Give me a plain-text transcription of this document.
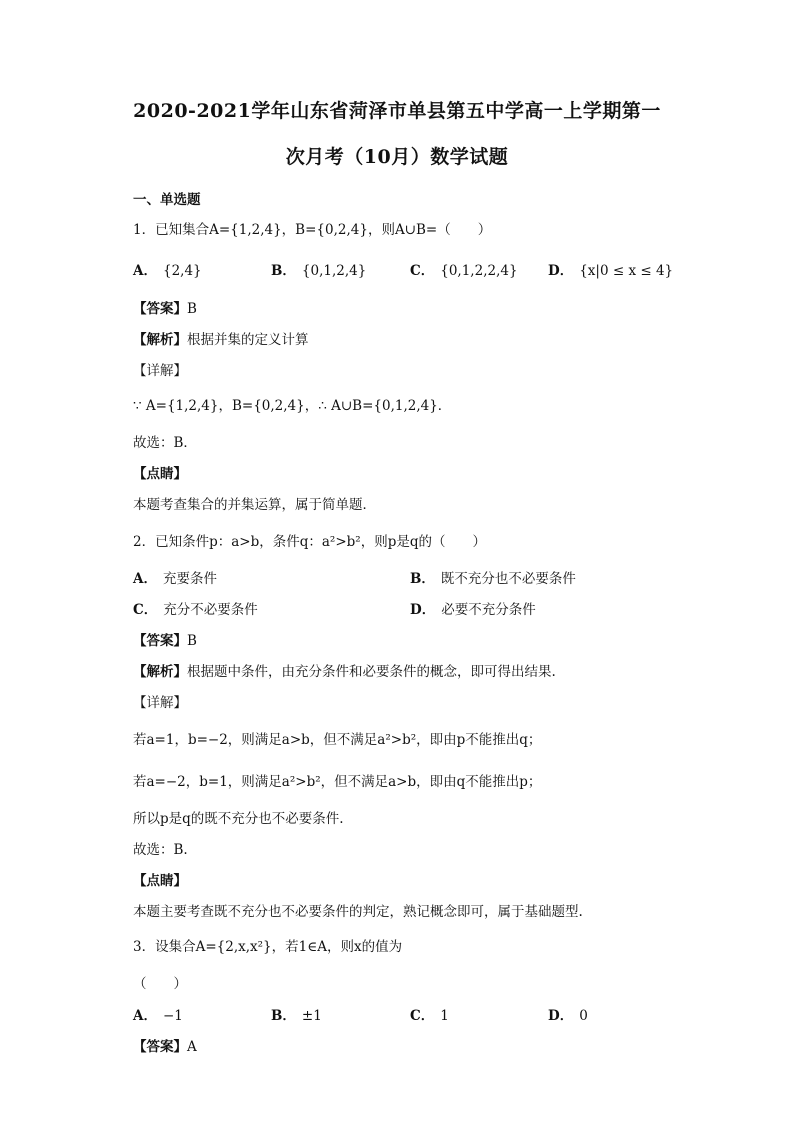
2020-2021学年山东省菏泽市单县第五中学高一上学期第一
次月考（10月）数学试题
一、单选题
1．已知集合A={1,2,4}，B={0,2,4}，则A∪B=（　　）
A． {2,4}	B． {0,1,2,4}	C． {0,1,2,2,4} D． {x|0 ≤ x ≤ 4}
【答案】B
【解析】根据并集的定义计算
【详解】
∵ A={1,2,4}，B={0,2,4}，∴ A∪B={0,1,2,4}．
故选：B．
【点睛】
本题考查集合的并集运算，属于简单题．
2．已知条件p：a>b，条件q：a²>b²，则p是q的（　　）
A． 充要条件	B． 既不充分也不必要条件
C． 充分不必要条件	D． 必要不充分条件
【答案】B
【解析】根据题中条件，由充分条件和必要条件的概念，即可得出结果.
【详解】
若a=1，b=−2，则满足a>b，但不满足a²>b²，即由p不能推出q；
若a=−2，b=1，则满足a²>b²，但不满足a>b，即由q不能推出p；
所以p是q的既不充分也不必要条件.
故选：B.
【点睛】
本题主要考查既不充分也不必要条件的判定，熟记概念即可，属于基础题型.
3．设集合A={2,x,x²}，若1∈A，则x的值为
（　　）
A． −1	B． ±1	C． 1	D． 0
【答案】A
